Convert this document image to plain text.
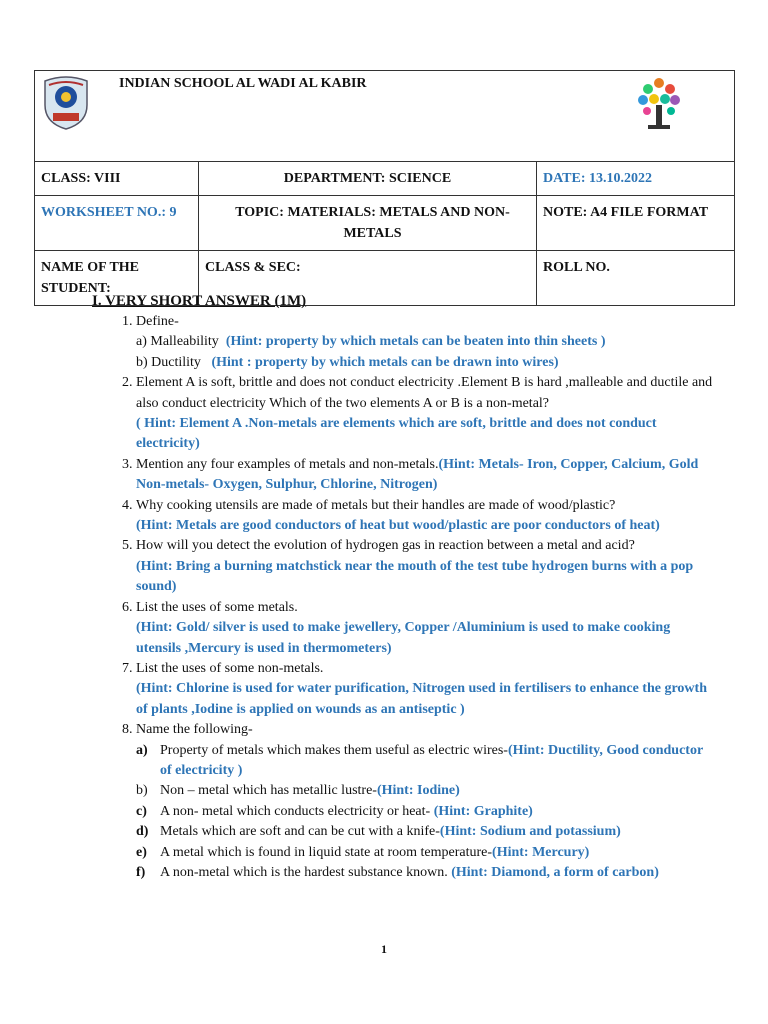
INDIAN SCHOOL AL WADI AL KABIR		

CLASS: VIII	DEPARTMENT: SCIENCE	DATE: 13.10.2022
WORKSHEET NO.: 9	TOPIC: MATERIALS: METALS AND NON-METALS	NOTE: A4 FILE FORMAT
NAME OF THE STUDENT:	CLASS & SEC:	ROLL NO.
I. VERY SHORT ANSWER (1M)
1. Define-
a) Malleability (Hint: property by which metals can be beaten into thin sheets )
b) Ductility (Hint : property by which metals can be drawn into wires)
2. Element A is soft, brittle and does not conduct electricity .Element B is hard ,malleable and ductile and also conduct electricity Which of the two elements A or B is a non-metal?
( Hint: Element A .Non-metals are elements which are soft, brittle and does not conduct electricity)
3. Mention any four examples of metals and non-metals.(Hint: Metals- Iron, Copper, Calcium, Gold Non-metals- Oxygen, Sulphur, Chlorine, Nitrogen)
4. Why cooking utensils are made of metals but their handles are made of wood/plastic?
(Hint: Metals are good conductors of heat but wood/plastic are poor conductors of heat)
5. How will you detect the evolution of hydrogen gas in reaction between a metal and acid?
(Hint: Bring a burning matchstick near the mouth of the test tube hydrogen burns with a pop sound)
6. List the uses of some metals.
(Hint: Gold/ silver is used to make jewellery, Copper /Aluminium is used to make cooking utensils ,Mercury is used in thermometers)
7. List the uses of some non-metals.
(Hint: Chlorine is used for water purification, Nitrogen used in fertilisers to enhance the growth of plants ,Iodine is applied on wounds as an antiseptic )
8. Name the following-
a) Property of metals which makes them useful as electric wires-(Hint: Ductility, Good conductor of electricity )
b) Non – metal which has metallic lustre-(Hint: Iodine)
c) A non- metal which conducts electricity or heat- (Hint: Graphite)
d) Metals which are soft and can be cut with a knife-(Hint: Sodium and potassium)
e) A metal which is found in liquid state at room temperature-(Hint: Mercury)
f) A non-metal which is the hardest substance known. (Hint: Diamond, a form of carbon)
1
